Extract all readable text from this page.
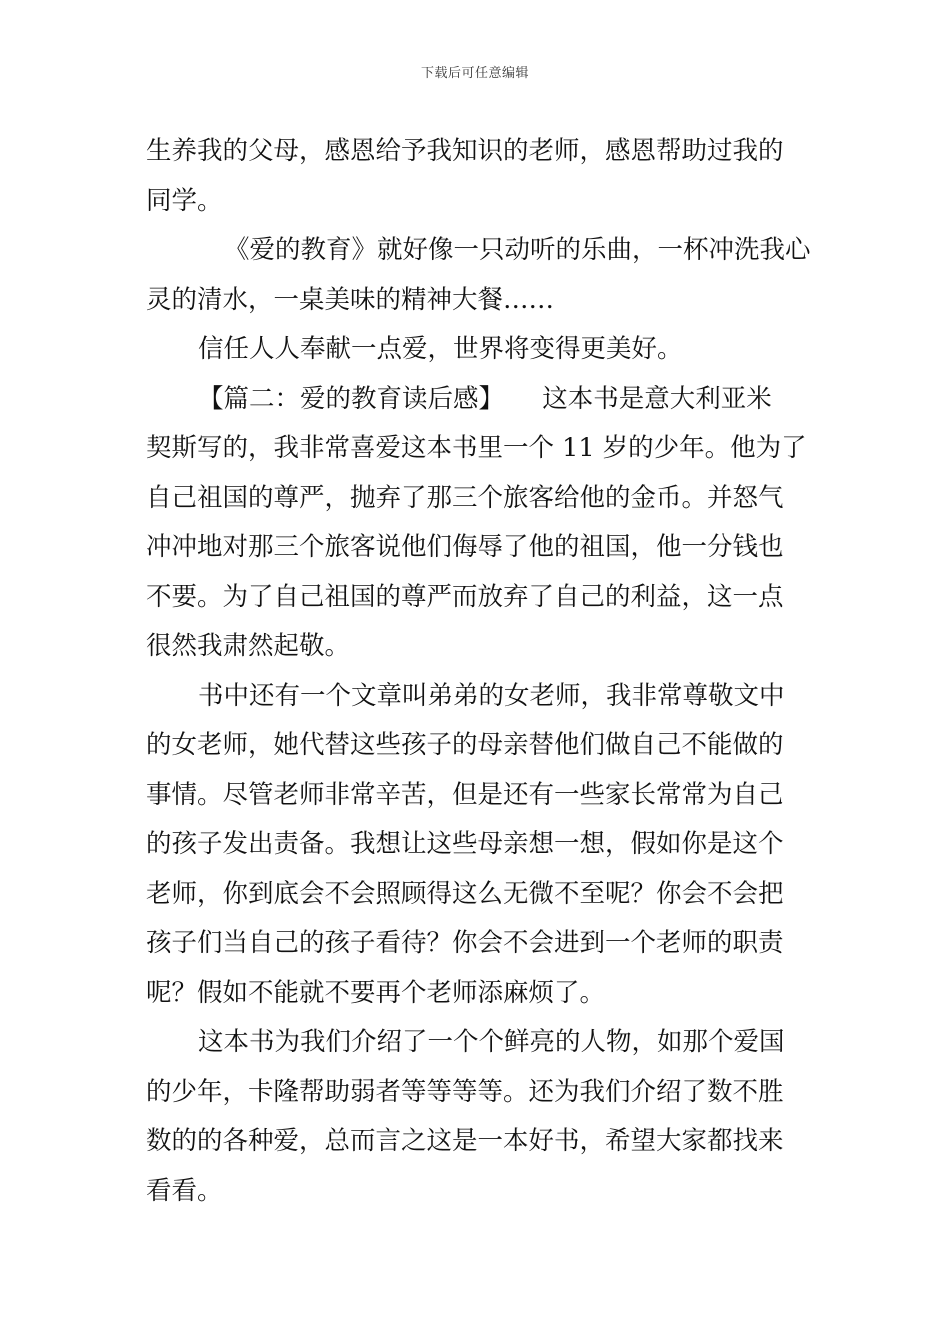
下载后可任意编辑
生养我的父母，感恩给予我知识的老师，感恩帮助过我的
同学。
《爱的教育》就好像一只动听的乐曲，一杯冲洗我心
灵的清水，一桌美味的精神大餐……
信任人人奉献一点爱，世界将变得更美好。
【篇二：爱的教育读后感】　　这本书是意大利亚米
契斯写的，我非常喜爱这本书里一个 11 岁的少年。他为了
自己祖国的尊严，抛弃了那三个旅客给他的金币。并怒气
冲冲地对那三个旅客说他们侮辱了他的祖国，他一分钱也
不要。为了自己祖国的尊严而放弃了自己的利益，这一点
很然我肃然起敬。
书中还有一个文章叫弟弟的女老师，我非常尊敬文中
的女老师，她代替这些孩子的母亲替他们做自己不能做的
事情。尽管老师非常辛苦，但是还有一些家长常常为自己
的孩子发出责备。我想让这些母亲想一想，假如你是这个
老师，你到底会不会照顾得这么无微不至呢？你会不会把
孩子们当自己的孩子看待？你会不会进到一个老师的职责
呢？假如不能就不要再个老师添麻烦了。
这本书为我们介绍了一个个鲜亮的人物，如那个爱国
的少年，卡隆帮助弱者等等等等。还为我们介绍了数不胜
数的的各种爱，总而言之这是一本好书，希望大家都找来
看看。
